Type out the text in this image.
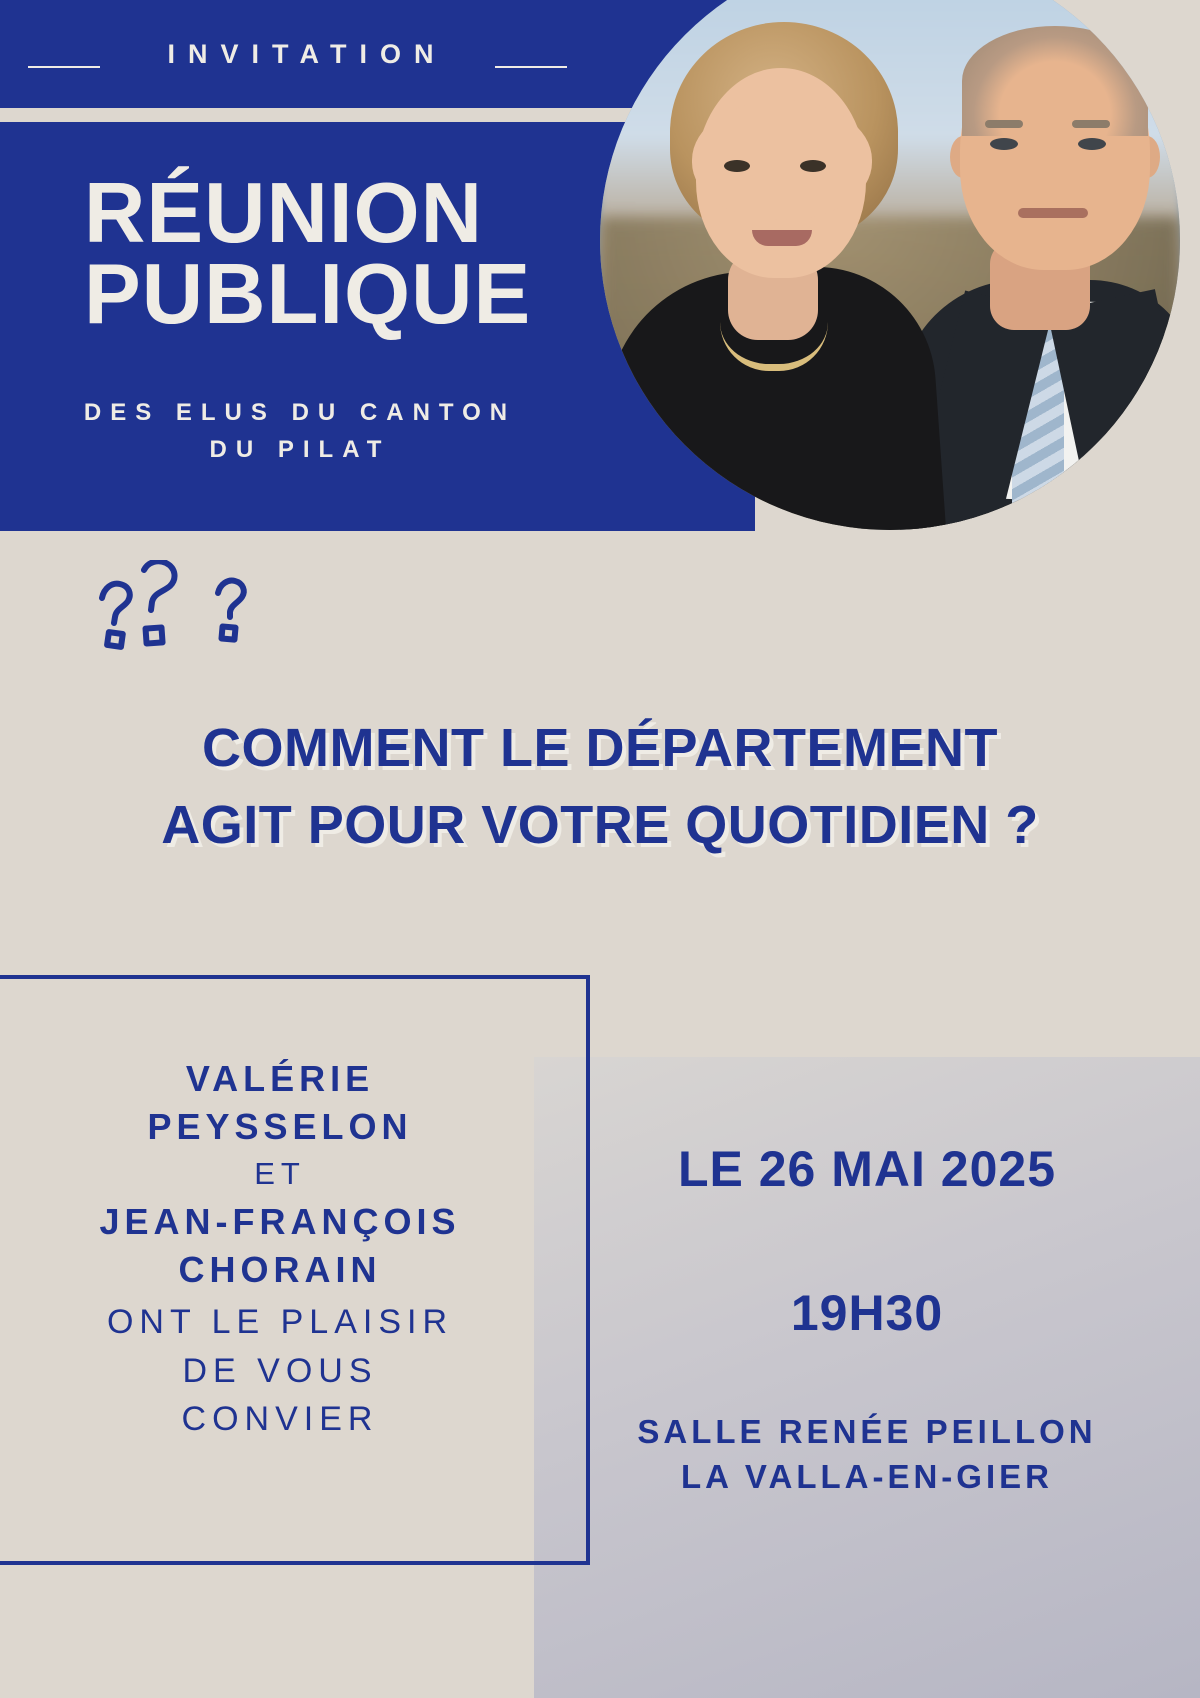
INVITATION
RÉUNION
PUBLIQUE
DES ELUS DU CANTON
DU PILAT
COMMENT LE DÉPARTEMENT
AGIT POUR VOTRE QUOTIDIEN ?
VALÉRIE
PEYSSELON
ET
JEAN-FRANÇOIS
CHORAIN
ONT LE PLAISIR
DE VOUS
CONVIER
LE 26 MAI 2025
19H30
SALLE RENÉE PEILLON
LA VALLA-EN-GIER
